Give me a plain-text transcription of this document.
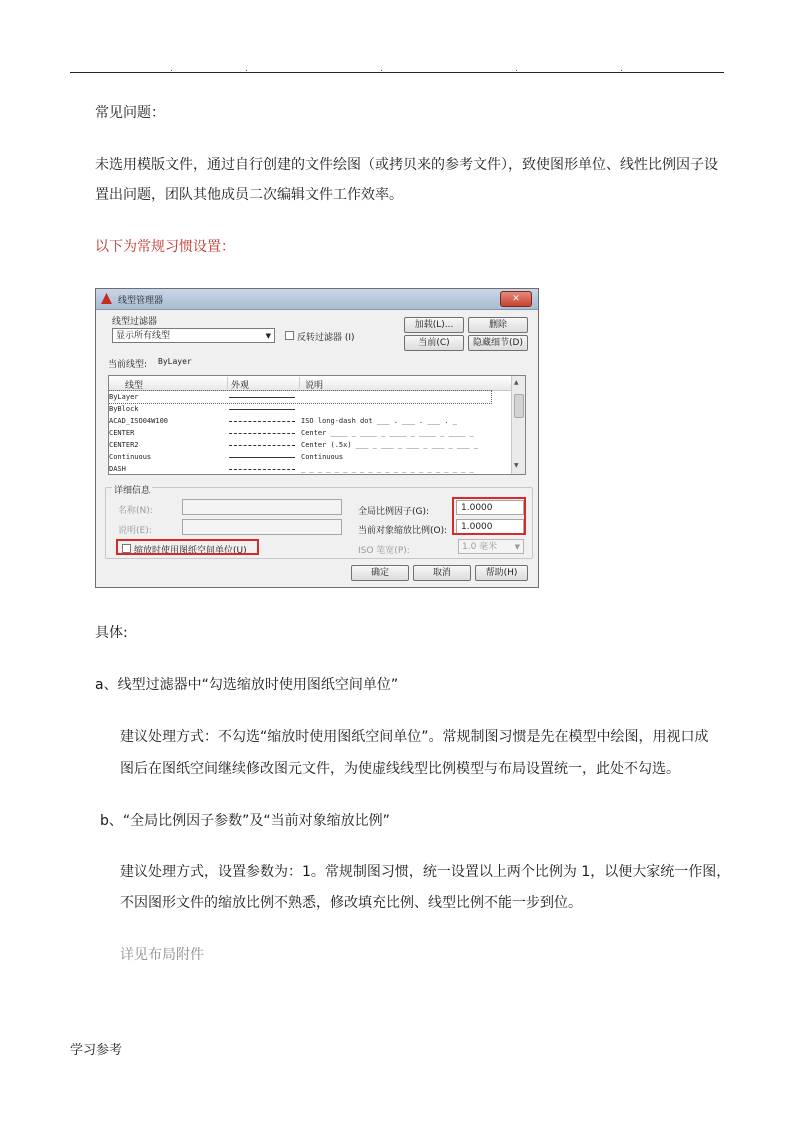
.	.	.	.	.
常见问题：
未选用模版文件，通过自行创建的文件绘图（或拷贝来的参考文件），致使图形单位、线性比例因子设
置出问题，团队其他成员二次编辑文件工作效率。
以下为常规习惯设置：
线型管理器	✕
线型过滤器
显示所有线型	▼	反转过滤器 (I)
加载(L)...	删除
当前(C)	隐藏细节(D)
当前线型: ByLayer
线型	外观	说明
ByLayer
ByBlock
ACAD_ISO04W100	ISO long-dash dot ___ . ___ . ___ . _
CENTER	Center ____ _ ____ _ ____ _ ____ _ ____ _
CENTER2	Center (.5x) ___ _ ___ _ ___ _ ___ _ ___ _
Continuous	Continuous
DASH	_ _ _ _ _ _ _ _ _ _ _ _ _ _ _ _ _ _ _ _ _
▲
▼
详细信息
名称(N):
说明(E):
缩放时使用图纸空间单位(U)
全局比例因子(G):	1.0000
当前对象缩放比例(O):	1.0000
ISO 笔宽(P):	1.0 毫米 ▼
确定	取消	帮助(H)
具体:
a、线型过滤器中“勾选缩放时使用图纸空间单位”
建议处理方式：不勾选“缩放时使用图纸空间单位”。常规制图习惯是先在模型中绘图，用视口成
图后在图纸空间继续修改图元文件，为使虚线线型比例模型与布局设置统一，此处不勾选。
b、“全局比例因子参数”及“当前对象缩放比例”
建议处理方式，设置参数为：1。常规制图习惯，统一设置以上两个比例为 1，以便大家统一作图，
不因图形文件的缩放比例不熟悉，修改填充比例、线型比例不能一步到位。
详见布局附件
学习参考
